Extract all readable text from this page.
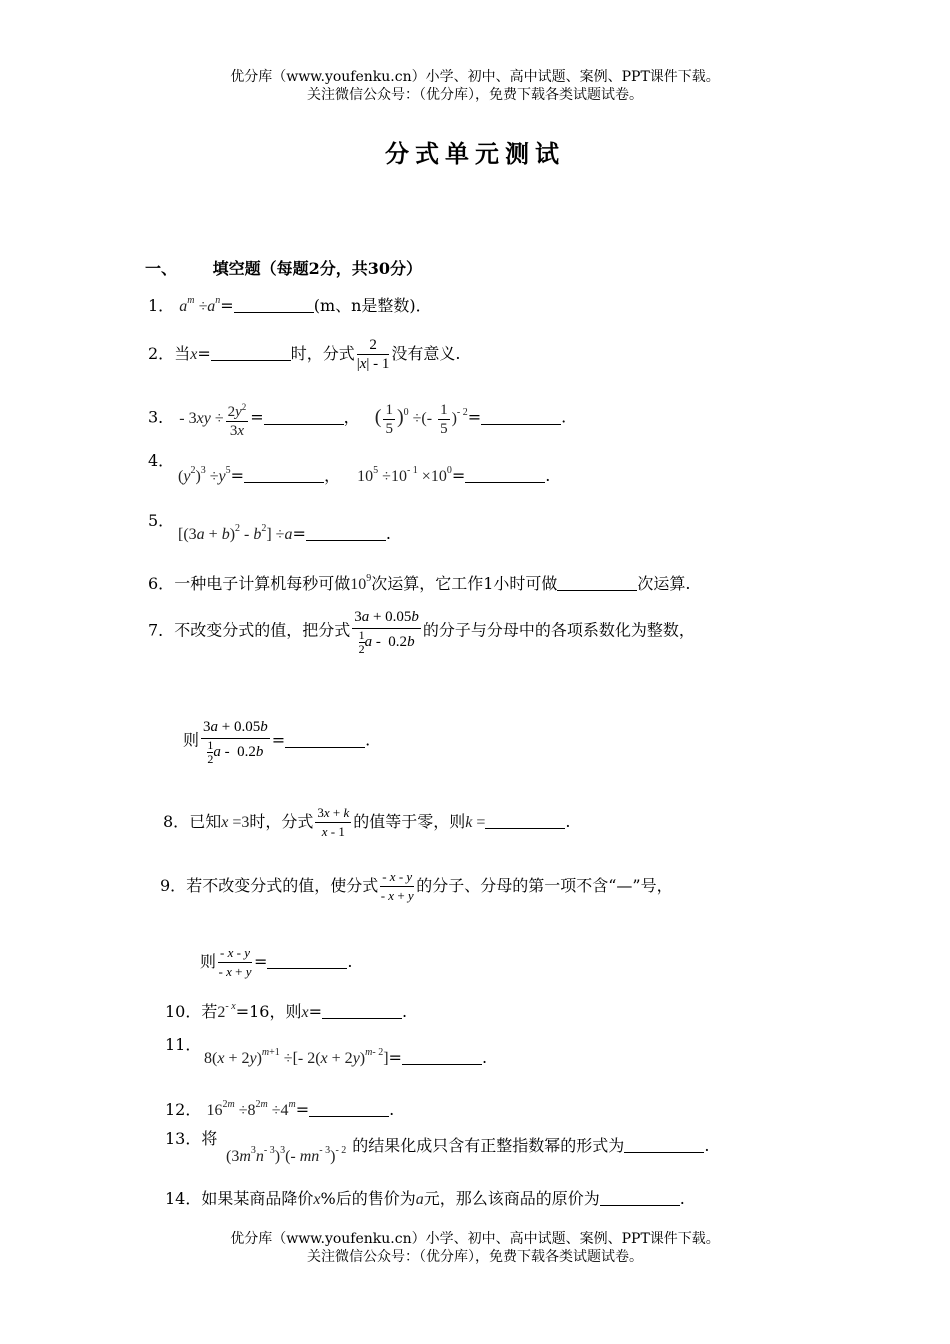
优分库（www.youfenku.cn）小学、初中、高中试题、案例、PPT课件下载。
关注微信公众号：（优分库），免费下载各类试题试卷。
分式单元测试
一、 填空题（每题2分，共30分）
1． $a^m \div a^n=$	(m、n是整数)．
2．当x=	时，分式 $\frac{2}{|x| - 1}$ 没有意义.
3． - $3xy \div \frac{2y^2}{3x}$ =	， ( $\frac{1}{5} )^0$ ÷(- $\frac{1}{5} )^{- 2}=$	.
4．
$(y^2)^3 \div y^5=$	， $10^5 \div 10^{- 1} \times 10^0=$	.
5．
$[(3a + b)^2 - b^2] \div a=$	.
6．一种电子计算机每秒可做$10^9$次运算，它工作1小时可做	次运算.
7．不改变分式的值，把分式 $\frac{3a + 0.05b}{\frac{1}{2} a - 0.2b}$ 的分子与分母中的各项系数化为整数，
则 $\frac{3a + 0.05b}{\frac{1}{2} a - 0.2b}$ =	.
8．已知x =3时，分式 $\frac{3x + k}{x - 1}$ 的值等于零，则k =	.
9．若不改变分式的值，使分式 $\frac{- x - y}{- x + y}$ 的分子、分母的第一项不含“—”号，
则 $\frac{- x - y}{- x + y}$ =	.
10．若$2^{- x}=16$，则x=	.
11．
$8(x + 2y)^{m+1}$ ÷[- $2(x + 2y)^{m- 2}]=$	.
12． $16^{2m} \div 8^{2m} \div 4^m=$	.
13．将
$(3m^3n^{- 3})^3(-$ $mn^{- 3})^{- 2}$ 的结果化成只含有正整指数幂的形式为	.
14．如果某商品降价x%后的售价为a元，那么该商品的原价为	.
优分库（www.youfenku.cn）小学、初中、高中试题、案例、PPT课件下载。
关注微信公众号：（优分库），免费下载各类试题试卷。
